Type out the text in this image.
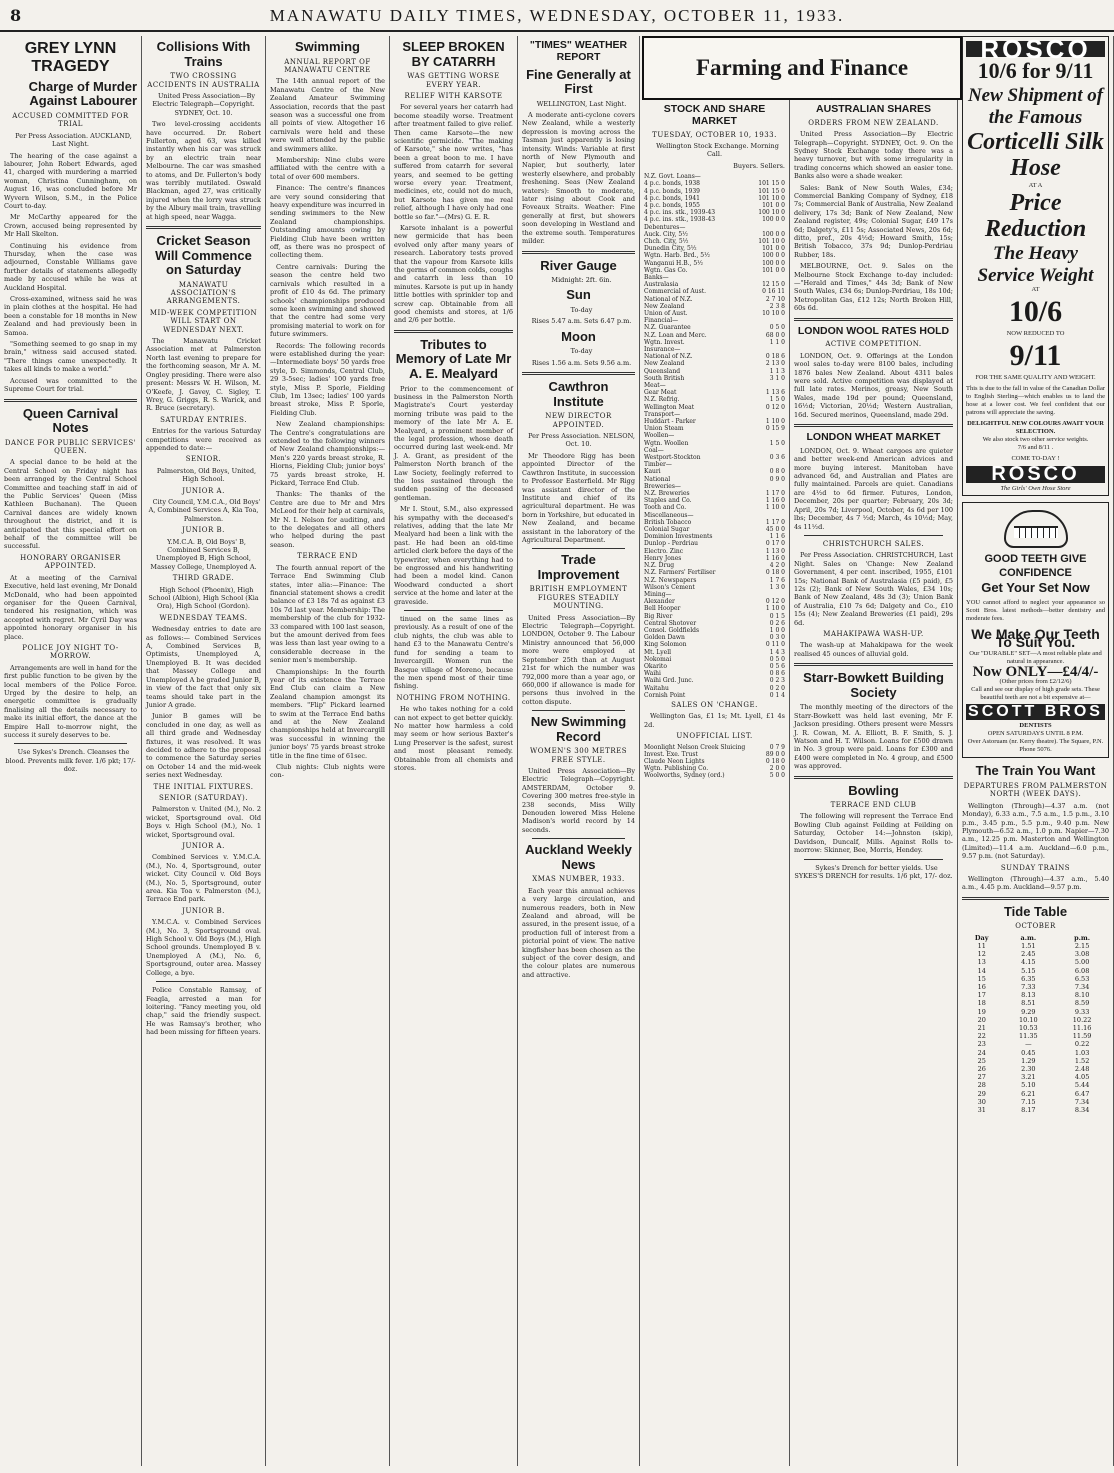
8	MANAWATU DAILY TIMES, WEDNESDAY, OCTOBER 11, 1933.
GREY LYNN TRAGEDY
Charge of Murder Against Labourer
ACCUSED COMMITTED FOR TRIAL

Per Press Association. AUCKLAND, Last Night.

The hearing of the case against a labourer, John Robert Edwards, aged 41, charged with murdering a married woman, Christina Cunningham, on August 16, was concluded before Mr Wyvern Wilson, S.M., in the Police Court to-day.

Mr McCarthy appeared for the Crown, accused being represented by Mr Hall Skelton.

Continuing his evidence from Thursday, when the case was adjourned, Constable Williams gave further details of statements allegedly made by accused while he was at Auckland Hospital.

Cross-examined, witness said he was in plain clothes at the hospital. He had been a constable for 18 months in New Zealand and had previously been in Samoa.

"Something seemed to go snap in my brain," witness said accused stated. "There things came unexpectedly. It takes all kinds to make a world."

Accused was committed to the Supreme Court for trial.

Queen Carnival Notes
DANCE FOR PUBLIC SERVICES' QUEEN.

A special dance to be held at the Central School on Friday night has been arranged by the Central School Committee and teaching staff in aid of the Public Services' Queen (Miss Kathleen Buchanan). The Queen Carnival dances are widely known throughout the district, and it is anticipated that this special effort on behalf of the committee will be successful.

HONORARY ORGANISER APPOINTED.

At a meeting of the Carnival Executive, held last evening, Mr Donald McDonald, who had been appointed organiser for the Queen Carnival, tendered his resignation, which was accepted with regret. Mr Cyril Day was appointed honorary organiser in his place.

POLICE JOY NIGHT TO-MORROW.

Arrangements are well in hand for the first public function to be given by the local members of the Police Force. Urged by the desire to help, an energetic committee is gradually finalising all the details necessary to make its initial effort, the dance at the Empire Hall to-morrow night, the success it surely deserves to be.

Use Sykes's Drench. Cleanses the blood. Prevents milk fever. 1/6 pkt; 17/- doz.

Collisions With Trains
TWO CROSSING ACCIDENTS IN AUSTRALIA

United Press Association—By Electric Telegraph—Copyright. SYDNEY, Oct. 10.

Two level-crossing accidents have occurred. Dr. Robert Fullerton, aged 63, was killed instantly when his car was struck by an electric train near Melbourne. The car was smashed to atoms, and Dr. Fullerton's body was terribly mutilated. Oswald Blackman, aged 27, was critically injured when the lorry was struck by the Albury mail train, travelling at high speed, near Wagga.

Cricket Season Will Commence on Saturday
MANAWATU ASSOCIATION'S ARRANGEMENTS.
MID-WEEK COMPETITION WILL START ON WEDNESDAY NEXT.

The Manawatu Cricket Association met at Palmerston North last evening to prepare for the forthcoming season, Mr A. M. Ongley presiding. There were also present: Messrs W. H. Wilson, M. O'Keefe, J. Gavey, C. Sigley, T. Wrey, G. Griggs, R. S. Warick, and R. Bruce (secretary).

SATURDAY ENTRIES.

Entries for the various Saturday competitions were received as appended to date:—

SENIOR.

Palmerston, Old Boys, United, High School.

JUNIOR A.

City Council, Y.M.C.A., Old Boys' A, Combined Services A, Kia Toa, Palmerston.

JUNIOR B.

Y.M.C.A. B, Old Boys' B, Combined Services B, Unemployed B, High School, Massey College, Unemployed A.

THIRD GRADE.

High School (Phoenix), High School (Albion), High School (Kia Ora), High School (Gordon).

WEDNESDAY TEAMS.

Wednesday entries to date are as follows:— Combined Services A, Combined Services B, Optimists, Unemployed A, Unemployed B. It was decided that Massey College and Unemployed A be graded Junior B, in view of the fact that only six teams should take part in the Junior A grade.

Junior B games will be concluded in one day, as well as all third grade and Wednesday fixtures, it was resolved. It was decided to adhere to the proposal to commence the Saturday series on October 14 and the mid-week series next Wednesday.

THE INITIAL FIXTURES.
SENIOR (SATURDAY).

Palmerston v. United (M.), No. 2 wicket, Sportsground oval. Old Boys v. High School (M.), No. 1 wicket, Sportsground oval.

JUNIOR A.

Combined Services v. Y.M.C.A. (M.), No. 4, Sportsground, outer wicket. City Council v. Old Boys (M.), No. 5, Sportsground, outer area. Kia Toa v. Palmerston (M.), Terrace End park.

JUNIOR B.

Y.M.C.A. v. Combined Services (M.), No. 3, Sportsground oval. High School v. Old Boys (M.), High School grounds. Unemployed B v. Unemployed A (M.), No. 6, Sportsground, outer area. Massey College, a bye.

Police Constable Ramsay, of Feagla, arrested a man for loitering. "Fancy meeting you, old chap," said the friendly suspect. He was Ramsay's brother, who had been missing for fifteen years.

Swimming
ANNUAL REPORT OF MANAWATU CENTRE

The 14th annual report of the Manawatu Centre of the New Zealand Amateur Swimming Association, records that the past season was a successful one from all points of view. Altogether 16 carnivals were held and these were well attended by the public and swimmers alike.

Membership: Nine clubs were affiliated with the centre with a total of over 600 members.

Finance: The centre's finances are very sound considering that heavy expenditure was incurred in sending swimmers to the New Zealand championships. Outstanding amounts owing by Fielding Club have been written off, as there was no prospect of collecting them.

Centre carnivals: During the season the centre held two carnivals which resulted in a profit of £10 4s 6d. The primary schools' championships produced some keen swimming and showed that the centre had some very promising material to work on for future swimmers.

Records: The following records were established during the year:—Intermediate boys' 50 yards free style, D. Simmonds, Central Club, 29 3-5sec; ladies' 100 yards free style, Miss P. Sporle, Fielding Club, 1m 13sec; ladies' 100 yards breast stroke, Miss P. Sporle, Fielding Club.

New Zealand championships: The Centre's congratulations are extended to the following winners of New Zealand championships:—Men's 220 yards breast stroke, R. Hiorns, Fielding Club; junior boys' 75 yards breast stroke, H. Pickard, Terrace End Club.

Thanks: The thanks of the Centre are due to Mr and Mrs McLeod for their help at carnivals, Mr N. I. Nelson for auditing, and to the delegates and all others who helped during the past season.

TERRACE END

The fourth annual report of the Terrace End Swimming Club states, inter alia:—Finance: The financial statement shows a credit balance of £3 18s 7d as against £3 10s 7d last year. Membership: The membership of the club for 1932-33 compared with 100 last season, but the amount derived from fees was less than last year owing to a considerable decrease in the senior men's membership.

Championships: In the fourth year of its existence the Terrace End Club can claim a New Zealand champion amongst its members. "Flip" Pickard learned to swim at the Terrace End baths and at the New Zealand championships held at Invercargill was successful in winning the junior boys' 75 yards breast stroke title in the fine time of 61sec.

Club nights: Club nights were con-

SLEEP BROKEN BY CATARRH
WAS GETTING WORSE EVERY YEAR.
RELIEF WITH KARSOTE

For several years her catarrh had become steadily worse. Treatment after treatment failed to give relief. Then came Karsote—the new scientific germicide. "The making of Karsote," she now writes, "has been a great boon to me. I have suffered from catarrh for several years, and seemed to be getting worse every year. Treatment, medicines, etc, could not do much, but Karsote has given me real relief, although I have only had one bottle so far."—(Mrs) G. E. R.

Karsote inhalant is a powerful new germicide that has been evolved only after many years of research. Laboratory tests proved that the vapour from Karsote kills the germs of common colds, coughs and catarrh in less than 10 minutes. Karsote is put up in handy little bottles with sprinkler top and screw cap. Obtainable from all good chemists and stores, at 1/6 and 2/6 per bottle.

Tributes to Memory of Late Mr A. E. Mealyard

Prior to the commencement of business in the Palmerston North Magistrate's Court yesterday morning tribute was paid to the memory of the late Mr A. E. Mealyard, a prominent member of the legal profession, whose death occurred during last week-end. Mr J. A. Grant, as president of the Palmerston North branch of the Law Society, feelingly referred to the loss sustained through the sudden passing of the deceased gentleman.

Mr I. Stout, S.M., also expressed his sympathy with the deceased's relatives, adding that the late Mr Mealyard had been a link with the past. He had been an old-time articled clerk before the days of the typewriter, when everything had to be engrossed and his handwriting had been a model kind. Canon Woodward conducted a short service at the home and later at the graveside.

tinued on the same lines as previously. As a result of one of the club nights, the club was able to hand £3 to the Manawatu Centre's fund for sending a team to Invercargill. Women run the Basque village of Moreno, because the men spend most of their time fishing.

NOTHING FROM NOTHING.

He who takes nothing for a cold can not expect to get better quickly. No matter how harmless a cold may seem or how serious Baxter's Lung Preserver is the safest, surest and most pleasant remedy. Obtainable from all chemists and stores.

"TIMES" WEATHER REPORT
Fine Generally at First

WELLINGTON, Last Night.

A moderate anti-cyclone covers New Zealand, while a westerly depression is moving across the Tasman just apparently is losing intensity. Winds: Variable at first north of New Plymouth and Napier, but southerly, later westerly elsewhere, and probably freshening. Seas (New Zealand waters): Smooth to moderate, later rising about Cook and Foveaux Straits. Weather: Fine generally at first, but showers soon developing in Westland and the extreme south. Temperatures milder.

River Gauge

Midnight: 2ft. 6in.

Sun

To-day

Rises 5.47 a.m. Sets 6.47 p.m.

Moon

To-day

Rises 1.56 a.m. Sets 9.56 a.m.

Cawthron Institute
NEW DIRECTOR APPOINTED.

Per Press Association. NELSON, Oct. 10.

Mr Theodore Rigg has been appointed Director of the Cawthron Institute, in succession to Professor Easterfield. Mr Rigg was assistant director of the Institute and chief of its agricultural department. He was born in Yorkshire, but educated in New Zealand, and became assistant in the laboratory of the Agricultural Department.

Trade Improvement
BRITISH EMPLOYMENT FIGURES STEADILY MOUNTING.

United Press Association—By Electric Telegraph—Copyright. LONDON, October 9. The Labour Ministry announced that 56,000 more were employed at September 25th than at August 21st for which the number was 792,000 more than a year ago, or 660,000 if allowance is made for persons thus involved in the cotton dispute.

New Swimming Record
WOMEN'S 300 METRES FREE STYLE.

United Press Association—By Electric Telegraph—Copyright. AMSTERDAM, October 9. Covering 300 metres free-style in 238 seconds, Miss Willy Denouden lowered Miss Helene Madison's world record by 14 seconds.

Auckland Weekly News
XMAS NUMBER, 1933.

Each year this annual achieves a very large circulation, and numerous readers, both in New Zealand and abroad, will be assured, in the present issue, of a production full of interest from a pictorial point of view. The native kingfisher has been chosen as the subject of the cover design, and the colour plates are numerous and attractive.

Farming and Finance
STOCK AND SHARE MARKET
TUESDAY, OCTOBER 10, 1933.

Wellington Stock Exchange. Morning Call.

Buyers. Sellers.

N.Z. Govt. Loans—	
4 p.c. bonds, 1938	101 15 0
4 p.c. bonds, 1939	101 15 0
4 p.c. bonds, 1941	101 10 0
4 p.c. bonds, 1955	101 0 0
4 p.c. ins. stk., 1939-43	100 10 0
4 p.c. ins. stk., 1938-43	100 0 0
Debentures—	
Auck. City, 5½	100 0 0
Chch. City, 5½	101 10 0
Dunedin City, 5½	101 0 0
Wgtn. Harb. Brd., 5½	100 0 0
Wanganui H.B., 5½	100 0 0
Wgtn. Gas Co.	101 0 0
Banks—	
Australasia	12 15 0
Commercial of Aust.	0 16 11
National of N.Z.	2 7 10
New Zealand	2 3 8
Union of Aust.	10 10 0
Financial—	
N.Z. Guarantee	0 5 0
N.Z. Loan and Merc.	68 0 0
Wgtn. Invest.	1 1 0
Insurance—	
National of N.Z.	0 18 6
New Zealand	2 13 0
Queensland	1 1 3
South British	3 1 0
Meat—	
Gear Meat	1 13 6
N.Z. Refrig.	1 5 0
Wellington Meat	0 12 0
Transport—	
Huddart - Parker	1 10 0
Union Steam	0 15 9
Woollen—	
Wgtn. Woollen	1 5 0
Coal—	
Westport-Stockton	0 3 6
Timber—	
Kauri	0 8 0
National	0 9 0
Breweries—	
N.Z. Breweries	1 17 0
Staples and Co.	1 16 0
Tooth and Co.	1 10 0
Miscellaneous—	
British Tobacco	1 17 0
Colonial Sugar	45 0 0
Dominion Investments	1 1 6
Dunlop - Perdriau	0 17 0
Electro. Zinc	1 13 0
Henry Jones	1 16 0
N.Z. Drug	4 2 0
N.Z. Farmers' Fertiliser	0 18 0
N.Z. Newspapers	1 7 6
Wilson's Cement	1 3 0
Mining—	
Alexander	0 12 0
Bell Hooper	1 10 0
Big River	0 1 5
Central Shotover	0 2 6
Consol. Goldfields	1 0 0
Golden Dawn	0 3 0
King Solomon	0 11 0
Mt. Lyell	1 4 3
Nokomai	0 5 0
Okarito	0 5 6
Waihi	0 8 6
Waihi Grd. Junc.	0 2 3
Waitahu	0 2 0
Cornish Point	0 1 4
SALES ON 'CHANGE.

Wellington Gas, £1 1s; Mt. Lyell, £1 4s 2d.

UNOFFICIAL LIST.
Moonlight Nelson Creek Sluicing	0 7 9
Invest. Exe. Trust	89 0 0
Claude Neon Lights	0 18 0
Wgtn. Publishing Co.	2 0 0
Woolworths, Sydney (ord.)	5 0 0
AUSTRALIAN SHARES
ORDERS FROM NEW ZEALAND.

United Press Association—By Electric Telegraph—Copyright. SYDNEY, Oct. 9. On the Sydney Stock Exchange today there was a heavy turnover, but with some irregularity in trading concerns which showed an easier tone. Banks also were a shade weaker.

Sales: Bank of New South Wales, £34; Commercial Banking Company of Sydney, £18 7s; Commercial Bank of Australia, New Zealand delivery, 17s 3d; Bank of New Zealand, New Zealand register, 49s; Colonial Sugar, £49 17s 6d; Dalgety's, £11 5s; Associated News, 20s 6d; ditto, pref., 20s 4½d; Howard Smith, 15s; British Tobacco, 37s 9d; Dunlop-Perdriau Rubber, 18s.

MELBOURNE, Oct. 9. Sales on the Melbourne Stock Exchange to-day included:—"Herald and Times," 44s 3d; Bank of New South Wales, £34 6s; Dunlop-Perdriau, 18s 10d; Metropolitan Gas, £12 12s; North Broken Hill, 60s 6d.

LONDON WOOL RATES HOLD
ACTIVE COMPETITION.

LONDON, Oct. 9. Offerings at the London wool sales to-day were 8100 bales, including 1876 bales New Zealand. About 4311 bales were sold. Active competition was displayed at full late rates. Merinos, greasy, New South Wales, made 19d per pound; Queensland, 16½d; Victorian, 20½d; Western Australian, 16d. Secured merinos, Queensland, made 29d.

LONDON WHEAT MARKET

LONDON, Oct. 9. Wheat cargoes are quieter and better week-end American advices and more buying interest. Manitoban have advanced 6d, and Australian and Plates are fully maintained. Parcels are quiet. Canadians are 4½d to 6d firmer. Futures, London, December, 20s per quarter; February, 20s 3d; April, 20s 7d; Liverpool, October, 4s 6d per 100 lbs; December, 4s 7 ½d; March, 4s 10½d; May, 4s 11½d.

CHRISTCHURCH SALES.

Per Press Association. CHRISTCHURCH, Last Night. Sales on 'Change: New Zealand Government, 4 per cent. inscribed, 1955, £101 15s; National Bank of Australasia (£5 paid), £5 12s (2); Bank of New South Wales, £34 10s; Bank of New Zealand, 48s 3d (3); Union Bank of Australia, £10 7s 6d; Dalgety and Co., £10 15s (4); New Zealand Breweries (£1 paid), 29s 6d.

MAHAKIPAWA WASH-UP.

The wash-up at Mahakipawa for the week realised 45 ounces of alluvial gold.

Starr-Bowkett Building Society

The monthly meeting of the directors of the Starr-Bowkett was held last evening, Mr F. Jackson presiding. Others present were Messrs J. R. Cowan, M. A. Elliott, B. F. Smith, S. J. Watson and H. T. Wilson. Loans for £500 drawn in No. 3 group were paid. Loans for £300 and £400 were completed in No. 4 group, and £500 was approved.

Bowling
TERRACE END CLUB

The following will represent the Terrace End Bowling Club against Feilding at Feilding on Saturday, October 14:—Johnston (skip), Davidson, Duncalf, Mills. Against Rolls to-morrow: Skinner, Bee, Morris, Hendey.

Sykes's Drench for better yields. Use SYKES'S DRENCH for results. 1/6 pkt, 17/- doz.

ROSCO
10/6 for 9/11
New Shipment of the Famous
Corticelli Silk Hose
AT A
Price Reduction
The Heavy Service Weight
AT
10/6
NOW REDUCED TO
9/11
FOR THE SAME QUALITY AND WEIGHT.

This is due to the fall in value of the Canadian Dollar to English Sterling—which enables us to land the hose at a lower cost. We feel confident that our patrons will appreciate the saving.

DELIGHTFUL NEW COLOURS AWAIT YOUR SELECTION.
We also stock two other service weights.
7/6 and 8/11 .
COME TO-DAY !
ROSCO
The Girls' Own Hose Store
GOOD TEETH GIVE CONFIDENCE
Get Your Set Now

YOU cannot afford to neglect your appearance so Scott Bros. latest methods—better dentistry and moderate fees.

We Make Our Teeth To Suit You.
Our "DURABLE" SET—A most reliable plate and natural in appearance.
Now ONLY—£4/4/-
(Other prices from £2/12/6)
Call and see our display of high grade sets. These beautiful teeth are not a bit expensive at—
SCOTT BROS
DENTISTS
OPEN SATURDAYS UNTIL 8 P.M.
Over Astoruam (nr. Kerry theatre). The Square, P.N. Phone 5076.
The Train You Want
DEPARTURES FROM PALMERSTON NORTH (WEEK DAYS).

Wellington (Through)—4.37 a.m. (not Monday), 6.33 a.m., 7.5 a.m., 1.5 p.m., 3.10 p.m., 3.45 p.m., 5.5 p.m., 9.40 p.m. New Plymouth—6.52 a.m., 1.0 p.m. Napier—7.30 a.m., 12.25 p.m. Masterton and Wellington (Limited)—11.4 a.m. Auckland—6.0 p.m., 9.57 p.m. (not Saturday).

SUNDAY TRAINS

Wellington (Through)—4.37 a.m., 5.40 a.m., 4.45 p.m. Auckland—9.57 p.m.

Tide Table
OCTOBER
Day	a.m.	p.m.
11	1.51	2.15
12	2.45	3.08
13	4.15	5.00
14	5.15	6.08
15	6.35	6.53
16	7.33	7.34
17	8.13	8.10
18	8.51	8.59
19	9.29	9.33
20	10.10	10.22
21	10.53	11.16
22	11.35	11.59
23	—	0.22
24	0.45	1.03
25	1.29	1.52
26	2.30	2.48
27	3.21	4.05
28	5.10	5.44
29	6.21	6.47
30	7.15	7.34
31	8.17	8.34
